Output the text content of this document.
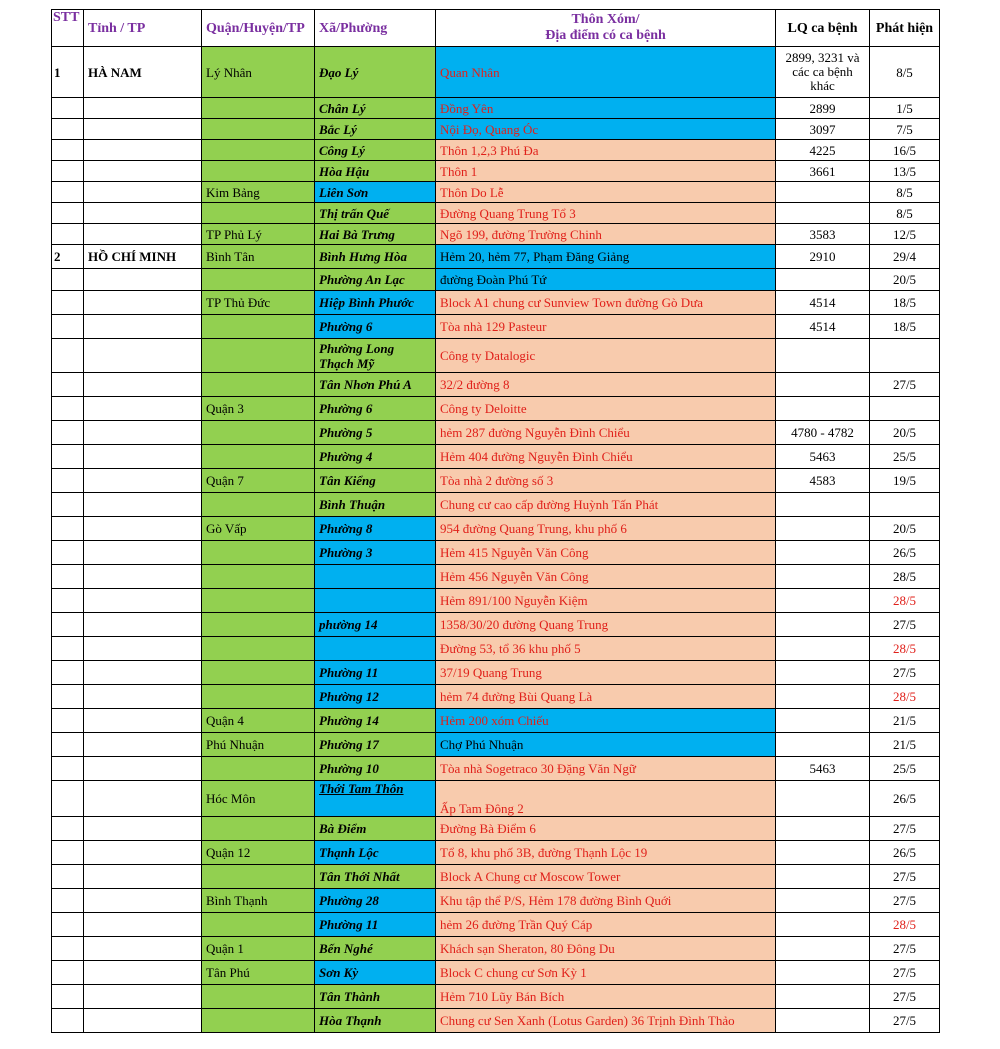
STT	Tỉnh / TP	Quận/Huyện/TP	Xã/Phường	Thôn Xóm/
Địa điểm có ca bệnh	LQ ca bệnh	Phát hiện
1	HÀ NAM	Lý Nhân	Đạo Lý	Quan Nhân	2899, 3231 và các ca bệnh khác	8/5
			Chân Lý	Đồng Yên	2899	1/5
			Bắc Lý	Nội Đọ, Quang Óc	3097	7/5
			Công Lý	Thôn 1,2,3 Phú Đa	4225	16/5
			Hòa Hậu	Thôn 1	3661	13/5
		Kim Bảng	Liên Sơn	Thôn Do Lễ		8/5
			Thị trấn Quế	Đường Quang Trung Tổ 3		8/5
		TP Phủ Lý	Hai Bà Trưng	Ngõ 199, đường Trường Chinh	3583	12/5
2	HỒ CHÍ MINH	Bình Tân	Bình Hưng Hòa	Hẻm 20, hẻm 77, Phạm Đăng Giảng	2910	29/4
			Phường An Lạc	đường Đoàn Phú Tứ		20/5
		TP Thủ Đức	Hiệp Bình Phước	Block A1 chung cư Sunview Town đường Gò Dưa	4514	18/5
			Phường 6	Tòa nhà 129 Pasteur	4514	18/5
			Phường Long Thạch Mỹ	Công ty Datalogic		
			Tân Nhơn Phú A	32/2 đường 8		27/5
		Quận 3	Phường 6	Công ty Deloitte		
			Phường 5	hẻm 287 đường Nguyễn Đình Chiểu	4780 - 4782	20/5
			Phường 4	Hẻm 404 đường Nguyễn Đình Chiểu	5463	25/5
		Quận 7	Tân Kiểng	Tòa nhà 2 đường số 3	4583	19/5
			Bình Thuận	Chung cư cao cấp đường Huỳnh Tấn Phát		
		Gò Vấp	Phường 8	954 đường Quang Trung, khu phố 6		20/5
			Phường 3	Hẻm 415 Nguyễn Văn Công		26/5
				Hẻm 456 Nguyễn Văn Công		28/5
				Hẻm 891/100 Nguyễn Kiệm		28/5
			phường 14	1358/30/20 đường Quang Trung		27/5
				Đường 53, tổ 36 khu phố 5		28/5
			Phường 11	37/19 Quang Trung		27/5
			Phường 12	hẻm 74 đường Bùi Quang Là		28/5
		Quận 4	Phường 14	Hẻm 200 xóm Chiếu		21/5
		Phú Nhuận	Phường 17	Chợ Phú Nhuận		21/5
			Phường 10	Tòa nhà Sogetraco 30 Đặng Văn Ngữ	5463	25/5
		Hóc Môn	Thới Tam Thôn	Ấp Tam Đông 2		26/5
			Bà Điểm	Đường Bà Điểm 6		27/5
		Quận 12	Thạnh Lộc	Tổ 8, khu phố 3B, đường Thạnh Lộc 19		26/5
			Tân Thới Nhất	Block A Chung cư Moscow Tower		27/5
		Bình Thạnh	Phường 28	Khu tập thể P/S, Hẻm 178 đường Bình Quới		27/5
			Phường 11	hẻm 26 đường Trần Quý Cáp		28/5
		Quận 1	Bến Nghé	Khách sạn Sheraton, 80 Đông Du		27/5
		Tân Phú	Sơn Kỳ	Block C chung cư Sơn Kỳ 1		27/5
			Tân Thành	Hẻm 710 Lũy Bán Bích		27/5
			Hòa Thạnh	Chung cư Sen Xanh (Lotus Garden) 36 Trịnh Đình Thảo		27/5
